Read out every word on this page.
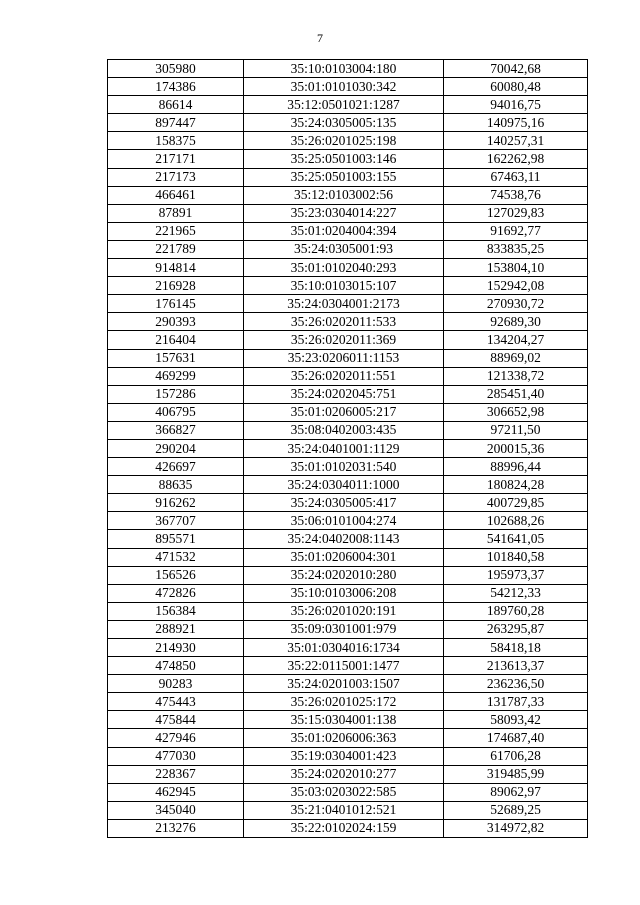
7
305980	35:10:0103004:180	70042,68
174386	35:01:0101030:342	60080,48
86614	35:12:0501021:1287	94016,75
897447	35:24:0305005:135	140975,16
158375	35:26:0201025:198	140257,31
217171	35:25:0501003:146	162262,98
217173	35:25:0501003:155	67463,11
466461	35:12:0103002:56	74538,76
87891	35:23:0304014:227	127029,83
221965	35:01:0204004:394	91692,77
221789	35:24:0305001:93	833835,25
914814	35:01:0102040:293	153804,10
216928	35:10:0103015:107	152942,08
176145	35:24:0304001:2173	270930,72
290393	35:26:0202011:533	92689,30
216404	35:26:0202011:369	134204,27
157631	35:23:0206011:1153	88969,02
469299	35:26:0202011:551	121338,72
157286	35:24:0202045:751	285451,40
406795	35:01:0206005:217	306652,98
366827	35:08:0402003:435	97211,50
290204	35:24:0401001:1129	200015,36
426697	35:01:0102031:540	88996,44
88635	35:24:0304011:1000	180824,28
916262	35:24:0305005:417	400729,85
367707	35:06:0101004:274	102688,26
895571	35:24:0402008:1143	541641,05
471532	35:01:0206004:301	101840,58
156526	35:24:0202010:280	195973,37
472826	35:10:0103006:208	54212,33
156384	35:26:0201020:191	189760,28
288921	35:09:0301001:979	263295,87
214930	35:01:0304016:1734	58418,18
474850	35:22:0115001:1477	213613,37
90283	35:24:0201003:1507	236236,50
475443	35:26:0201025:172	131787,33
475844	35:15:0304001:138	58093,42
427946	35:01:0206006:363	174687,40
477030	35:19:0304001:423	61706,28
228367	35:24:0202010:277	319485,99
462945	35:03:0203022:585	89062,97
345040	35:21:0401012:521	52689,25
213276	35:22:0102024:159	314972,82
